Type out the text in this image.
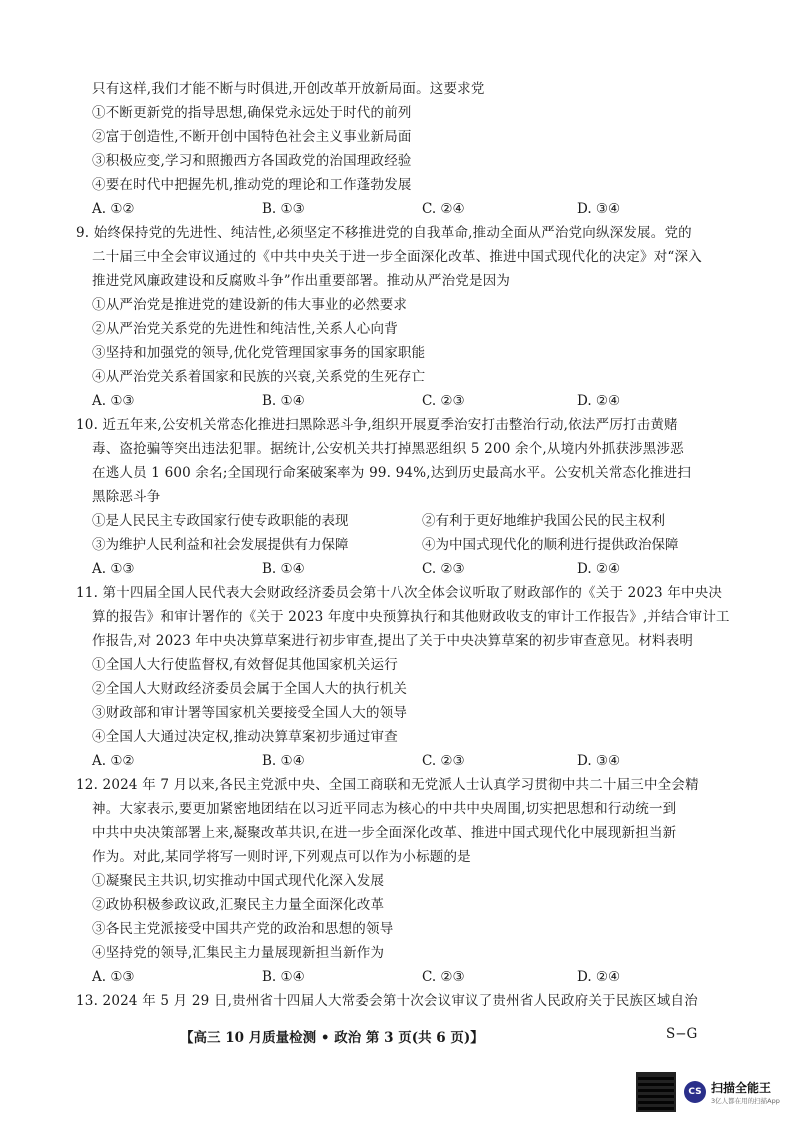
只有这样,我们才能不断与时俱进,开创改革开放新局面。这要求党
①不断更新党的指导思想,确保党永远处于时代的前列
②富于创造性,不断开创中国特色社会主义事业新局面
③积极应变,学习和照搬西方各国政党的治国理政经验
④要在时代中把握先机,推动党的理论和工作蓬勃发展
A. ①②	B. ①③	C. ②④	D. ③④
9. 始终保持党的先进性、纯洁性,必须坚定不移推进党的自我革命,推动全面从严治党向纵深发展。党的
二十届三中全会审议通过的《中共中央关于进一步全面深化改革、推进中国式现代化的决定》对“深入
推进党风廉政建设和反腐败斗争”作出重要部署。推动从严治党是因为
①从严治党是推进党的建设新的伟大事业的必然要求
②从严治党关系党的先进性和纯洁性,关系人心向背
③坚持和加强党的领导,优化党管理国家事务的国家职能
④从严治党关系着国家和民族的兴衰,关系党的生死存亡
A. ①③	B. ①④	C. ②③	D. ②④
10. 近五年来,公安机关常态化推进扫黑除恶斗争,组织开展夏季治安打击整治行动,依法严厉打击黄赌
毒、盗抢骗等突出违法犯罪。据统计,公安机关共打掉黑恶组织 5 200 余个,从境内外抓获涉黑涉恶
在逃人员 1 600 余名;全国现行命案破案率为 99. 94%,达到历史最高水平。公安机关常态化推进扫
黑除恶斗争
①是人民民主专政国家行使专政职能的表现	②有利于更好地维护我国公民的民主权利
③为维护人民利益和社会发展提供有力保障	④为中国式现代化的顺利进行提供政治保障
A. ①③	B. ①④	C. ②③	D. ②④
11. 第十四届全国人民代表大会财政经济委员会第十八次全体会议听取了财政部作的《关于 2023 年中央决
算的报告》和审计署作的《关于 2023 年度中央预算执行和其他财政收支的审计工作报告》,并结合审计工
作报告,对 2023 年中央决算草案进行初步审查,提出了关于中央决算草案的初步审查意见。材料表明
①全国人大行使监督权,有效督促其他国家机关运行
②全国人大财政经济委员会属于全国人大的执行机关
③财政部和审计署等国家机关要接受全国人大的领导
④全国人大通过决定权,推动决算草案初步通过审查
A. ①②	B. ①④	C. ②③	D. ③④
12. 2024 年 7 月以来,各民主党派中央、全国工商联和无党派人士认真学习贯彻中共二十届三中全会精
神。大家表示,要更加紧密地团结在以习近平同志为核心的中共中央周围,切实把思想和行动统一到
中共中央决策部署上来,凝聚改革共识,在进一步全面深化改革、推进中国式现代化中展现新担当新
作为。对此,某同学将写一则时评,下列观点可以作为小标题的是
①凝聚民主共识,切实推动中国式现代化深入发展
②政协积极参政议政,汇聚民主力量全面深化改革
③各民主党派接受中国共产党的政治和思想的领导
④坚持党的领导,汇集民主力量展现新担当新作为
A. ①③	B. ①④	C. ②③	D. ②④
13. 2024 年 5 月 29 日,贵州省十四届人大常委会第十次会议审议了贵州省人民政府关于民族区域自治
【高三 10 月质量检测 • 政治 第 3 页(共 6 页)】	S−G
CS 扫描全能王
3亿人都在用的扫描App
